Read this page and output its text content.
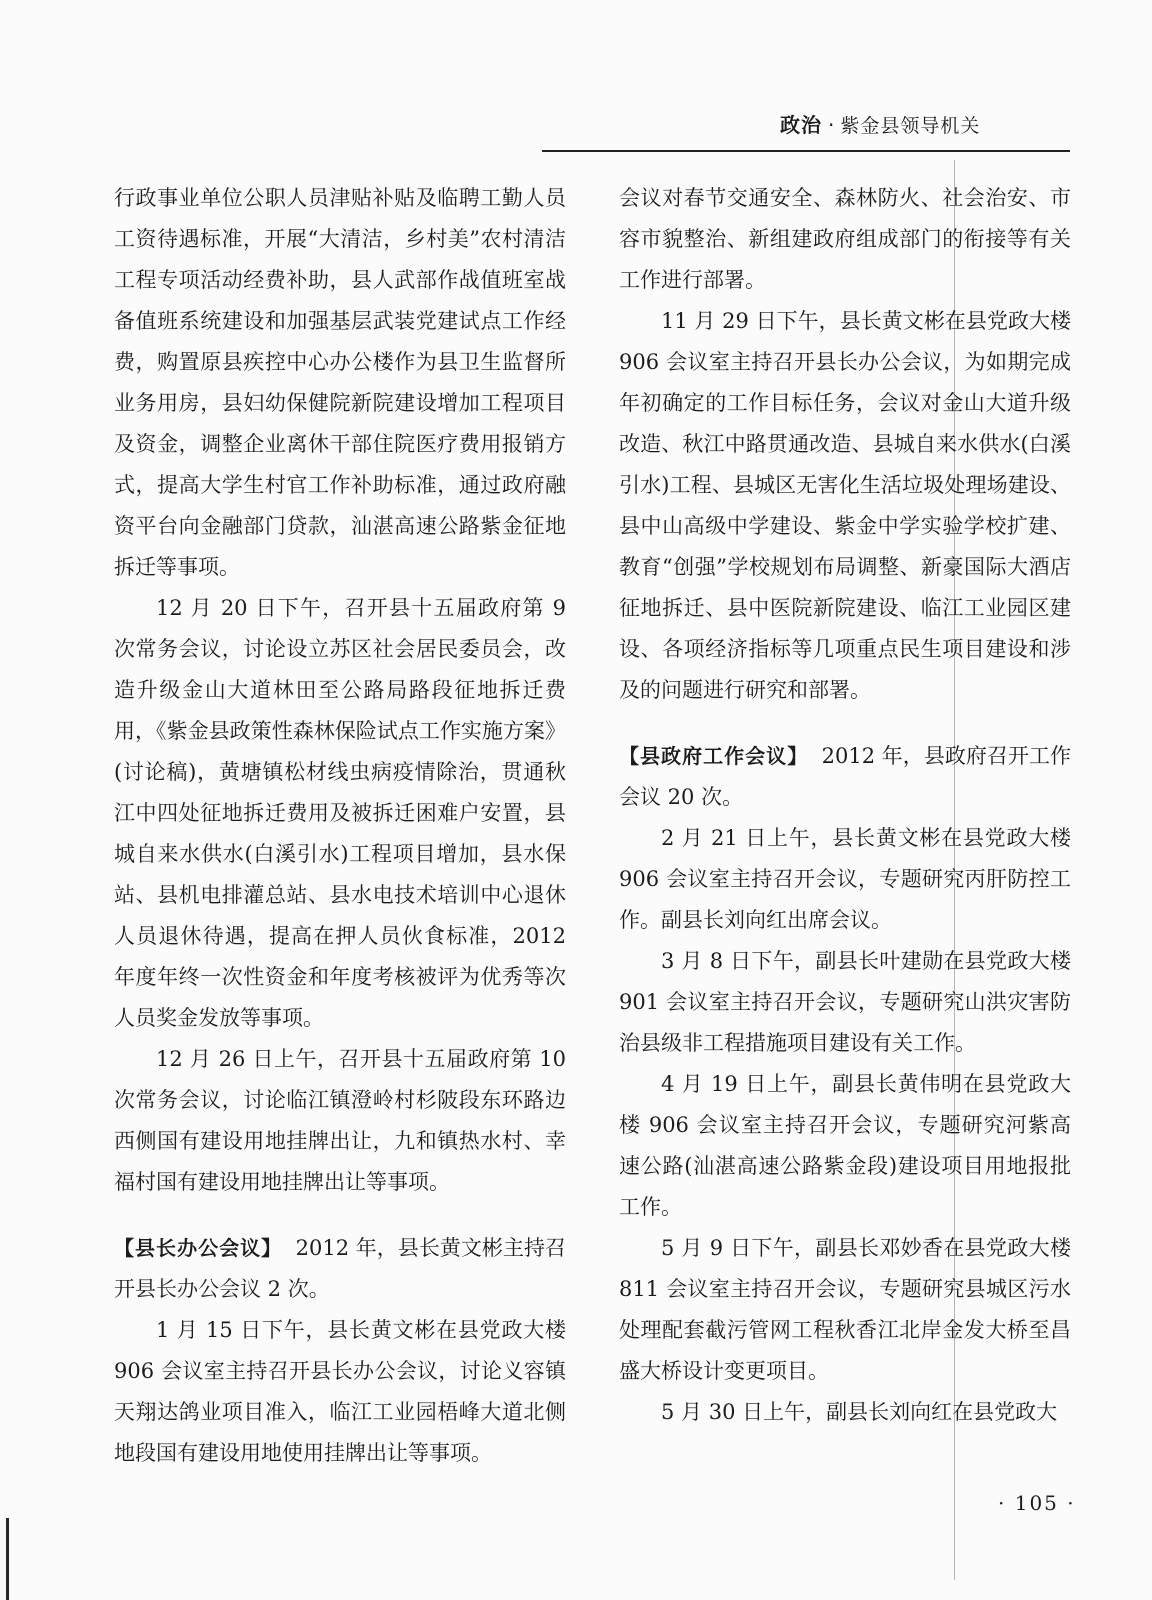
政治 · 紫金县领导机关

行政事业单位公职人员津贴补贴及临聘工勤人员工资待遇标准，开展“大清洁，乡村美”农村清洁工程专项活动经费补助，县人武部作战值班室战备值班系统建设和加强基层武装党建试点工作经费，购置原县疾控中心办公楼作为县卫生监督所业务用房，县妇幼保健院新院建设增加工程项目及资金，调整企业离休干部住院医疗费用报销方式，提高大学生村官工作补助标准，通过政府融资平台向金融部门贷款，汕湛高速公路紫金征地拆迁等事项。

12 月 20 日下午，召开县十五届政府第 9 次常务会议，讨论设立苏区社会居民委员会，改造升级金山大道林田至公路局路段征地拆迁费用，《紫金县政策性森林保险试点工作实施方案》(讨论稿)，黄塘镇松材线虫病疫情除治，贯通秋江中四处征地拆迁费用及被拆迁困难户安置，县城自来水供水(白溪引水)工程项目增加，县水保站、县机电排灌总站、县水电技术培训中心退休人员退休待遇，提高在押人员伙食标准，2012 年度年终一次性资金和年度考核被评为优秀等次人员奖金发放等事项。

12 月 26 日上午，召开县十五届政府第 10 次常务会议，讨论临江镇澄岭村杉陂段东环路边西侧国有建设用地挂牌出让，九和镇热水村、幸福村国有建设用地挂牌出让等事项。

【县长办公会议】 2012 年，县长黄文彬主持召开县长办公会议 2 次。

1 月 15 日下午，县长黄文彬在县党政大楼 906 会议室主持召开县长办公会议，讨论义容镇天翔达鸽业项目准入，临江工业园梧峰大道北侧地段国有建设用地使用挂牌出让等事项。

会议对春节交通安全、森林防火、社会治安、市容市貌整治、新组建政府组成部门的衔接等有关工作进行部署。

11 月 29 日下午，县长黄文彬在县党政大楼 906 会议室主持召开县长办公会议，为如期完成年初确定的工作目标任务，会议对金山大道升级改造、秋江中路贯通改造、县城自来水供水(白溪引水)工程、县城区无害化生活垃圾处理场建设、县中山高级中学建设、紫金中学实验学校扩建、教育“创强”学校规划布局调整、新豪国际大酒店征地拆迁、县中医院新院建设、临江工业园区建设、各项经济指标等几项重点民生项目建设和涉及的问题进行研究和部署。

【县政府工作会议】 2012 年，县政府召开工作会议 20 次。

2 月 21 日上午，县长黄文彬在县党政大楼 906 会议室主持召开会议，专题研究丙肝防控工作。副县长刘向红出席会议。

3 月 8 日下午，副县长叶建勋在县党政大楼 901 会议室主持召开会议，专题研究山洪灾害防治县级非工程措施项目建设有关工作。

4 月 19 日上午，副县长黄伟明在县党政大楼 906 会议室主持召开会议，专题研究河紫高速公路(汕湛高速公路紫金段)建设项目用地报批工作。

5 月 9 日下午，副县长邓妙香在县党政大楼 811 会议室主持召开会议，专题研究县城区污水处理配套截污管网工程秋香江北岸金发大桥至昌盛大桥设计变更项目。

5 月 30 日上午，副县长刘向红在县党政大

· 105 ·
